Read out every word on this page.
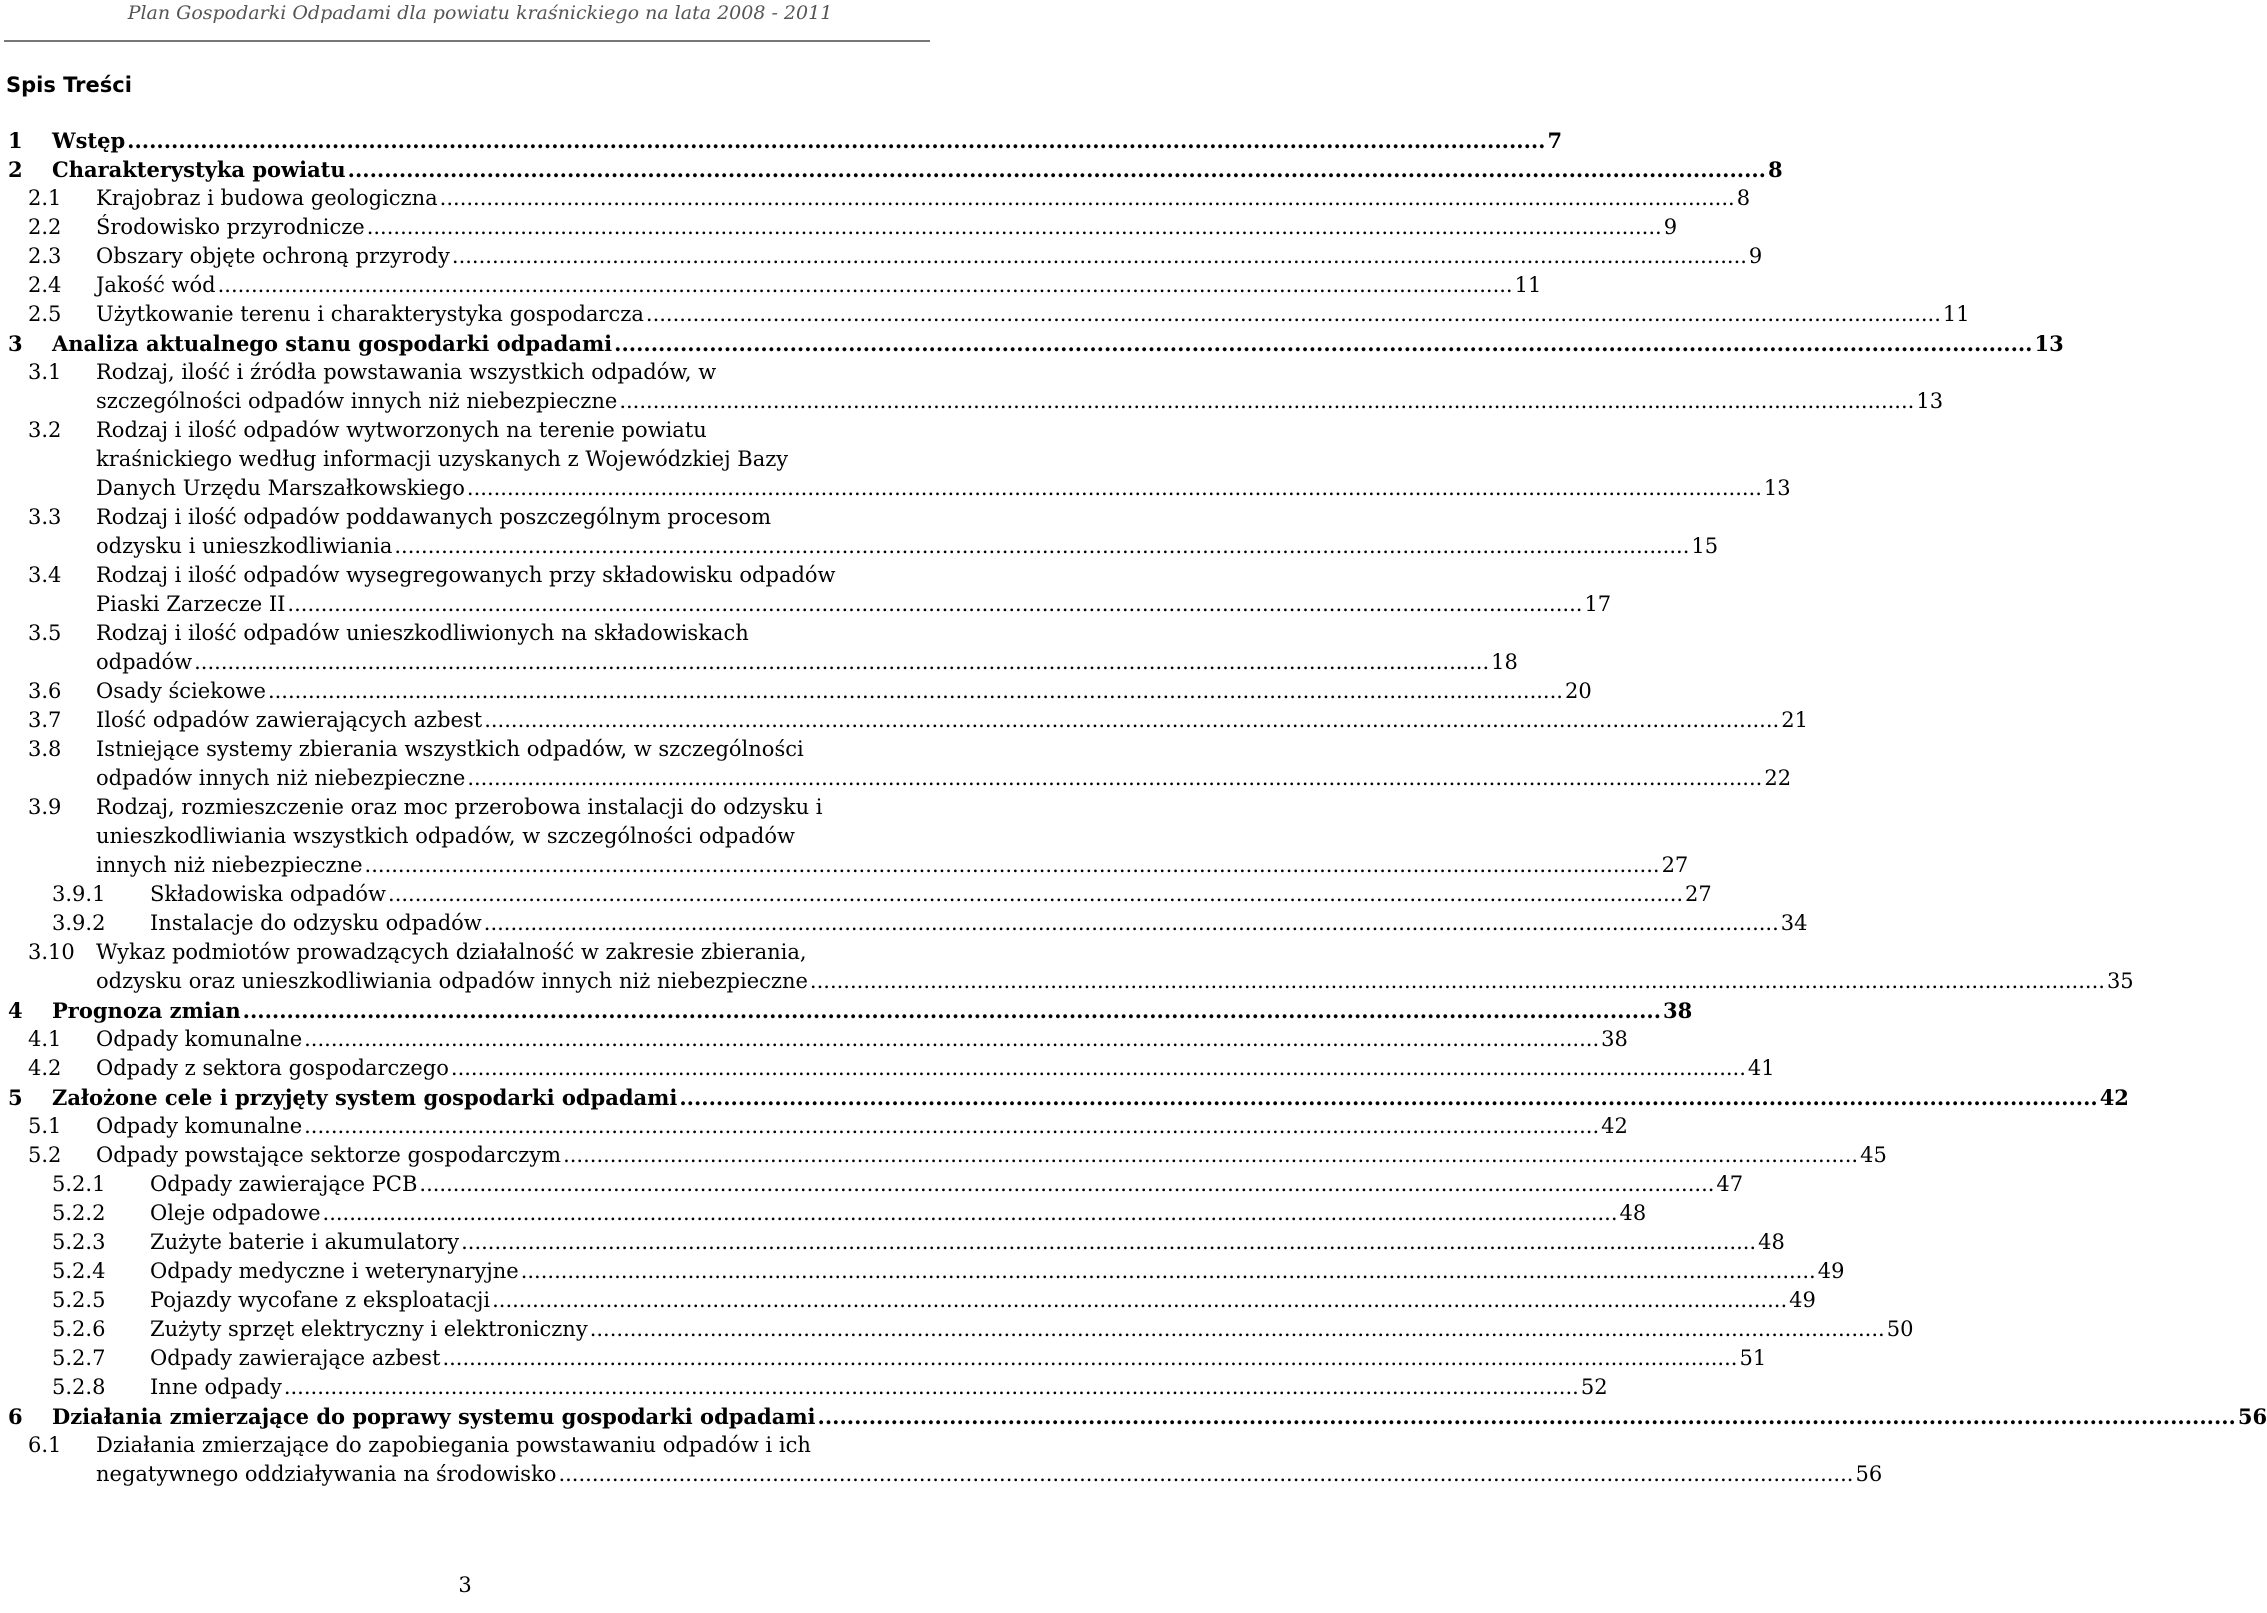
Plan Gospodarki Odpadami dla powiatu kraśnickiego na lata 2008 - 2011
Spis Treści
1	Wstęp .....	7
2	Charakterystyka powiatu .....	8
2.1	Krajobraz i budowa geologiczna .....	8
2.2	Środowisko przyrodnicze .....	9
2.3	Obszary objęte ochroną przyrody .....	9
2.4	Jakość wód .....	11
2.5	Użytkowanie terenu i charakterystyka gospodarcza .....	11
3	Analiza aktualnego stanu gospodarki odpadami .....	13
3.1	Rodzaj, ilość i źródła powstawania wszystkich odpadów, w
szczególności odpadów innych niż niebezpieczne .....	13
3.2	Rodzaj i ilość odpadów wytworzonych na terenie powiatu
kraśnickiego według informacji uzyskanych z Wojewódzkiej Bazy
Danych Urzędu Marszałkowskiego .....	13
3.3	Rodzaj i ilość odpadów poddawanych poszczególnym procesom
odzysku i unieszkodliwiania .....	15
3.4	Rodzaj i ilość odpadów wysegregowanych przy składowisku odpadów
Piaski Zarzecze II .....	17
3.5	Rodzaj i ilość odpadów unieszkodliwionych na składowiskach
odpadów .....	18
3.6	Osady ściekowe .....	20
3.7	Ilość odpadów zawierających azbest .....	21
3.8	Istniejące systemy zbierania wszystkich odpadów, w szczególności
odpadów innych niż niebezpieczne .....	22
3.9	Rodzaj, rozmieszczenie oraz moc przerobowa instalacji do odzysku i
unieszkodliwiania wszystkich odpadów, w szczególności odpadów
innych niż niebezpieczne .....	27
3.9.1	Składowiska odpadów .....	27
3.9.2	Instalacje do odzysku odpadów .....	34
3.10	Wykaz podmiotów prowadzących działalność w zakresie zbierania,
odzysku oraz unieszkodliwiania odpadów innych niż niebezpieczne .....	35
4	Prognoza zmian .....	38
4.1	Odpady komunalne .....	38
4.2	Odpady z sektora gospodarczego .....	41
5	Założone cele i przyjęty system gospodarki odpadami .....	42
5.1	Odpady komunalne .....	42
5.2	Odpady powstające sektorze gospodarczym .....	45
5.2.1	Odpady zawierające PCB .....	47
5.2.2	Oleje odpadowe .....	48
5.2.3	Zużyte baterie i akumulatory .....	48
5.2.4	Odpady medyczne i weterynaryjne .....	49
5.2.5	Pojazdy wycofane z eksploatacji .....	49
5.2.6	Zużyty sprzęt elektryczny i elektroniczny .....	50
5.2.7	Odpady zawierające azbest .....	51
5.2.8	Inne odpady .....	52
6	Działania zmierzające do poprawy systemu gospodarki odpadami .....	56
6.1	Działania zmierzające do zapobiegania powstawaniu odpadów i ich
negatywnego oddziaływania na środowisko .....	56
3
